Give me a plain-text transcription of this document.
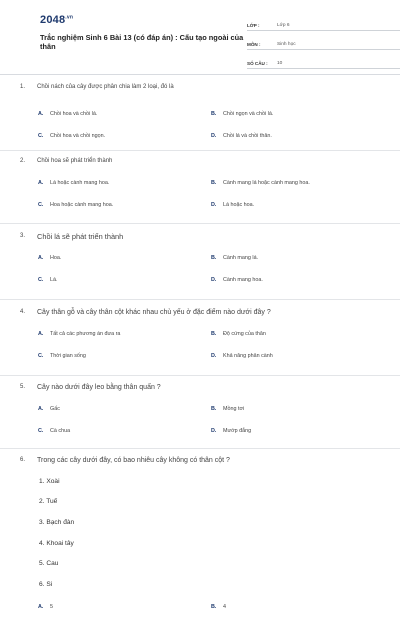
$2048^{.vn}$
Trắc nghiệm Sinh 6 Bài 13 (có đáp án) : Cấu tạo ngoài của thân
LỚP :	Lớp 6
MÔN :	Sinh học
SỐ CÂU :	10
1.	Chồi nách của cây được phân chia làm 2 loại, đó là
A.	Chồi hoa và chồi lá.	B.	Chồi ngọn và chồi lá.
C.	Chồi hoa và chồi ngọn.	D.	Chồi lá và chồi thân.
2.	Chồi hoa sẽ phát triển thành
A.	Lá hoặc cành mang hoa.	B.	Cành mang lá hoặc cành mang hoa.
C.	Hoa hoặc cành mang hoa.	D.	Lá hoặc hoa.
3.	Chồi lá sẽ phát triển thành
A.	Hoa.	B.	Cành mang lá.
C.	Lá.	D.	Cành mang hoa.
4.	Cây thân gỗ và cây thân cột khác nhau chủ yếu ở đặc điểm nào dưới đây ?
A.	Tất cả các phương án đưa ra	B.	Độ cứng của thân
C.	Thời gian sống	D.	Khả năng phân cành
5.	Cây nào dưới đây leo bằng thân quấn ?
A.	Gấc	B.	Mồng tơi
C.	Cà chua	D.	Mướp đắng
6.	Trong các cây dưới đây, có bao nhiêu cây không có thân cột ?
1. Xoài
2. Tuế
3. Bạch đàn
4. Khoai tây
5. Cau
6. Si
A.	5	B.	4
